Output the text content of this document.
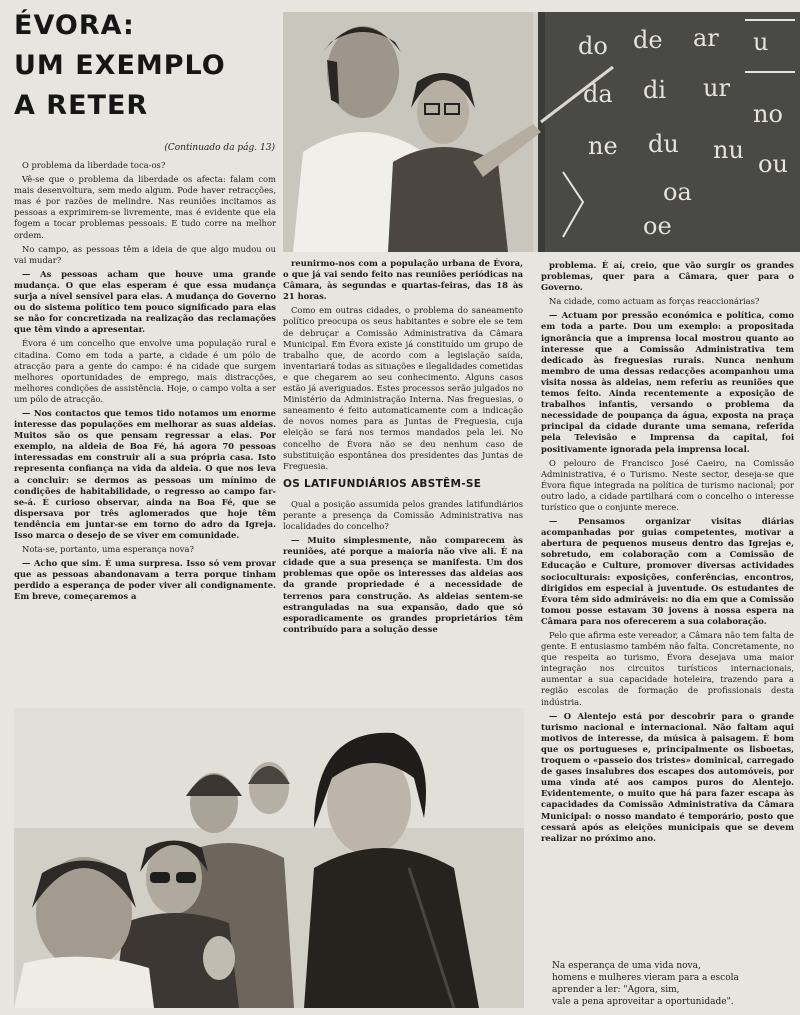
ÉVORA:
UM EXEMPLO
A RETER
(Continuado da pág. 13)
do de ar u
da di ur
no
ne du nu ou
oa
oe

O problema da liberdade toca-os?

Vê-se que o problema da liberdade os afecta: falam com mais desenvoltura, sem medo algum. Pode haver retracções, mas é por razões de melindre. Nas reuniões incitamos as pessoas a exprimirem-se livremente, mas é evidente que ela fogem a tocar problemas pessoais. E tudo corre na melhor ordem.

No campo, as pessoas têm a ideia de que algo mudou ou vai mudar?

— As pessoas acham que houve uma grande mudança. O que elas esperam é que essa mudança surja a nível sensível para elas. A mudança do Governo ou do sistema político tem pouco significado para elas se não for concretizada na realização das reclamações que têm vindo a apresentar.

Évora é um concelho que envolve uma população rural e citadina. Como em toda a parte, a cidade é um pólo de atracção para a gente do campo: é na cidade que surgem melhores oportunidades de emprego, mais distracções, melhores condições de assistência. Hoje, o campo volta a ser um pólo de atracção.

— Nos contactos que temos tido notamos um enorme interesse das populações em melhorar as suas aldeias. Muitos são os que pensam regressar a elas. Por exemplo, na aldeia de Boa Fé, há agora 70 pessoas interessadas em construir ali a sua própria casa. Isto representa confiança na vida da aldeia. O que nos leva a concluir: se dermos as pessoas um mínimo de condições de habitabilidade, o regresso ao campo far-se-á. É curioso observar, ainda na Boa Fé, que se dispersava por três aglomerados que hoje têm tendência em juntar-se em torno do adro da Igreja. Isso marca o desejo de se viver em comunidade.

Nota-se, portanto, uma esperança nova?

— Acho que sim. É uma surpresa. Isso só vem provar que as pessoas abandonavam a terra porque tinham perdido a esperança de poder viver ali condignamente. Em breve, começaremos a

reunirmo-nos com a população urbana de Évora, o que já vai sendo feito nas reuniões periódicas na Câmara, às segundas e quartas-feiras, das 18 às 21 horas.

Como em outras cidades, o problema do saneamento político preocupa os seus habitantes e sobre ele se tem de debruçar a Comissão Administrativa da Câmara Municipal. Em Évora existe já constituído um grupo de trabalho que, de acordo com a legislação saída, inventariará todas as situações e ilegalidades cometidas e que chegarem ao seu conhecimento. Alguns casos estão já averiguados. Estes processos serão julgados no Ministério da Administração Interna. Nas freguesias, o saneamento é feito automaticamente com a indicação de novos nomes para as Juntas de Freguesia, cuja eleição se fará nos termos mandados pela lei. No concelho de Évora não se deu nenhum caso de substituição espontânea dos presidentes das Juntas de Freguesia.

OS LATIFUNDIÁRIOS ABSTÊM-SE

Qual a posição assumida pelos grandes latifundiários perante a presença da Comissão Administrativa nas localidades do concelho?

— Muito simplesmente, não comparecem às reuniões, até porque a maioria não vive ali. É na cidade que a sua presença se manifesta. Um dos problemas que opõe os interesses das aldeias aos da grande propriedade é a necessidade de terrenos para construção. As aldeias sentem-se estranguladas na sua expansão, dado que só esporadicamente os grandes proprietários têm contribuído para a solução desse

problema. É aí, creio, que vão surgir os grandes problemas, quer para a Câmara, quer para o Governo.

Na cidade, como actuam as forças reaccionárias?

— Actuam por pressão económica e política, como em toda a parte. Dou um exemplo: a propositada ignorância que a imprensa local mostrou quanto ao interesse que a Comissão Administrativa tem dedicado às freguesias rurais. Nunca nenhum membro de uma dessas redacções acompanhou uma visita nossa às aldeias, nem referiu as reuniões que temos feito. Ainda recentemente a exposição de trabalhos infantis, versando o problema da necessidade de poupança da água, exposta na praça principal da cidade durante uma semana, referida pela Televisão e Imprensa da capital, foi positivamente ignorada pela imprensa local.

O pelouro de Francisco José Caeiro, na Comissão Administrativa, é o Turismo. Neste sector, deseja-se que Évora fique integrada na política de turismo nacional; por outro lado, a cidade partilhará com o concelho o interesse turístico que o conjunte merece.

— Pensamos organizar visitas diárias acompanhadas por guias competentes, motivar a abertura de pequenos museus dentro das Igrejas e, sobretudo, em colaboração com a Comissão de Educação e Culture, promover diversas actividades socioculturais: exposições, conferências, encontros, dirigidos em especial à juventude. Os estudantes de Évora têm sido admiráveis: no dia em que a Comissão tomou posse estavam 30 jovens à nossa espera na Câmara para nos oferecerem a sua colaboração.

Pelo que afirma este vereador, a Câmara não tem falta de gente. E entusiasmo também não falta. Concretamente, no que respeita ao turismo, Évora desejava uma maior integração nos circuitos turísticos internacionais, aumentar a sua capacidade hoteleira, trazendo para a região escolas de formação de profissionais desta indústria.

— O Alentejo está por descobrir para o grande turismo nacional e internacional. Não faltam aqui motivos de interesse, da música à paisagem. É bom que os portugueses e, principalmente os lisboetas, troquem o «passeio dos tristes» dominical, carregado de gases insalubres dos escapes dos automóveis, por uma vinda até aos campos puros do Alentejo. Evidentemente, o muito que há para fazer escapa às capacidades da Comissão Administrativa da Câmara Municipal: o nosso mandato é temporário, posto que cessará após as eleições municipais que se devem realizar no próximo ano.

Na esperança de uma vida nova,
homens e mulheres vieram para a escola
aprender a ler: "Agora, sim,
vale a pena aproveitar a oportunidade".
